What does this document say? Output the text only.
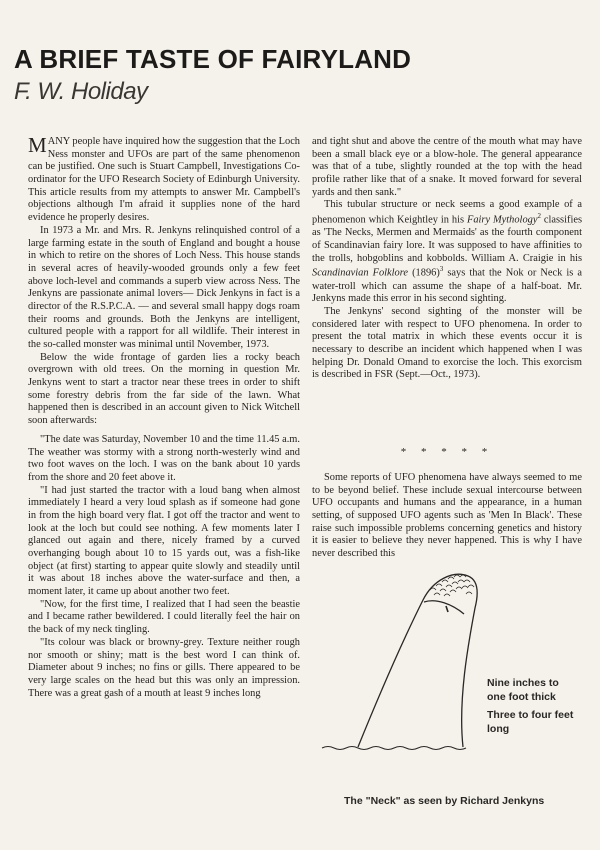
A BRIEF TASTE OF FAIRYLAND
F. W. Holiday

MANY people have inquired how the suggestion that the Loch Ness monster and UFOs are part of the same phenomenon can be justified. One such is Stuart Campbell, Investigations Co-ordinator for the UFO Research Society of Edinburgh University. This article results from my attempts to answer Mr. Campbell's objections although I'm afraid it supplies none of the hard evidence he properly desires.

In 1973 a Mr. and Mrs. R. Jenkyns relinquished control of a large farming estate in the south of England and bought a house in which to retire on the shores of Loch Ness. This house stands in several acres of heavily-wooded grounds only a few feet above loch-level and commands a superb view across Ness. The Jenkyns are passionate animal lovers— Dick Jenkyns in fact is a director of the R.S.P.C.A. — and several small happy dogs roam their rooms and grounds. Both the Jenkyns are intelligent, cultured people with a rapport for all wildlife. Their interest in the so-called monster was minimal until November, 1973.

Below the wide frontage of garden lies a rocky beach overgrown with old trees. On the morning in question Mr. Jenkyns went to start a tractor near these trees in order to shift some forestry debris from the far side of the lawn. What happened then is described in an account given to Nick Witchell soon afterwards:

"The date was Saturday, November 10 and the time 11.45 a.m. The weather was stormy with a strong north-westerly wind and two foot waves on the loch. I was on the bank about 10 yards from the shore and 20 feet above it.

"I had just started the tractor with a loud bang when almost immediately I heard a very loud splash as if someone had gone in from the high board very flat. I got off the tractor and went to look at the loch but could see nothing. A few moments later I glanced out again and there, nicely framed by a curved overhanging bough about 10 to 15 yards out, was a fish-like object (at first) starting to appear quite slowly and steadily until it was about 18 inches above the water-surface and then, a moment later, it came up about another two feet.

"Now, for the first time, I realized that I had seen the beastie and I became rather bewildered. I could literally feel the hair on the back of my neck tingling.

"Its colour was black or browny-grey. Texture neither rough nor smooth or shiny; matt is the best word I can think of. Diameter about 9 inches; no fins or gills. There appeared to be very large scales on the head but this was only an impression. There was a great gash of a mouth at least 9 inches long

and tight shut and above the centre of the mouth what may have been a small black eye or a blow-hole. The general appearance was that of a tube, slightly rounded at the top with the head profile rather like that of a snake. It moved forward for several yards and then sank."

This tubular structure or neck seems a good example of a phenomenon which Keightley in his Fairy Mythology$^2$ classifies as 'The Necks, Mermen and Mermaids' as the fourth component of Scandinavian fairy lore. It was supposed to have affinities to the trolls, hobgoblins and kobbolds. William A. Craigie in his Scandinavian Folklore $(1896)^3$ says that the Nok or Neck is a water-troll which can assume the shape of a half-boat. Mr. Jenkyns made this error in his second sighting.

The Jenkyns' second sighting of the monster will be considered later with respect to UFO phenomena. In order to present the total matrix in which these events occur it is necessary to describe an incident which happened when I was helping Dr. Donald Omand to exorcise the loch. This exorcism is described in FSR (Sept.—Oct., 1973).

* * * * *

Some reports of UFO phenomena have always seemed to me to be beyond belief. These include sexual intercourse between UFO occupants and humans and the appearance, in a human setting, of supposed UFO agents such as 'Men In Black'. These raise such impossible problems concerning genetics and history it is easier to believe they never happened. This is why I have never described this

Nine inches to one foot thick
Three to four feet long
The "Neck" as seen by Richard Jenkyns
